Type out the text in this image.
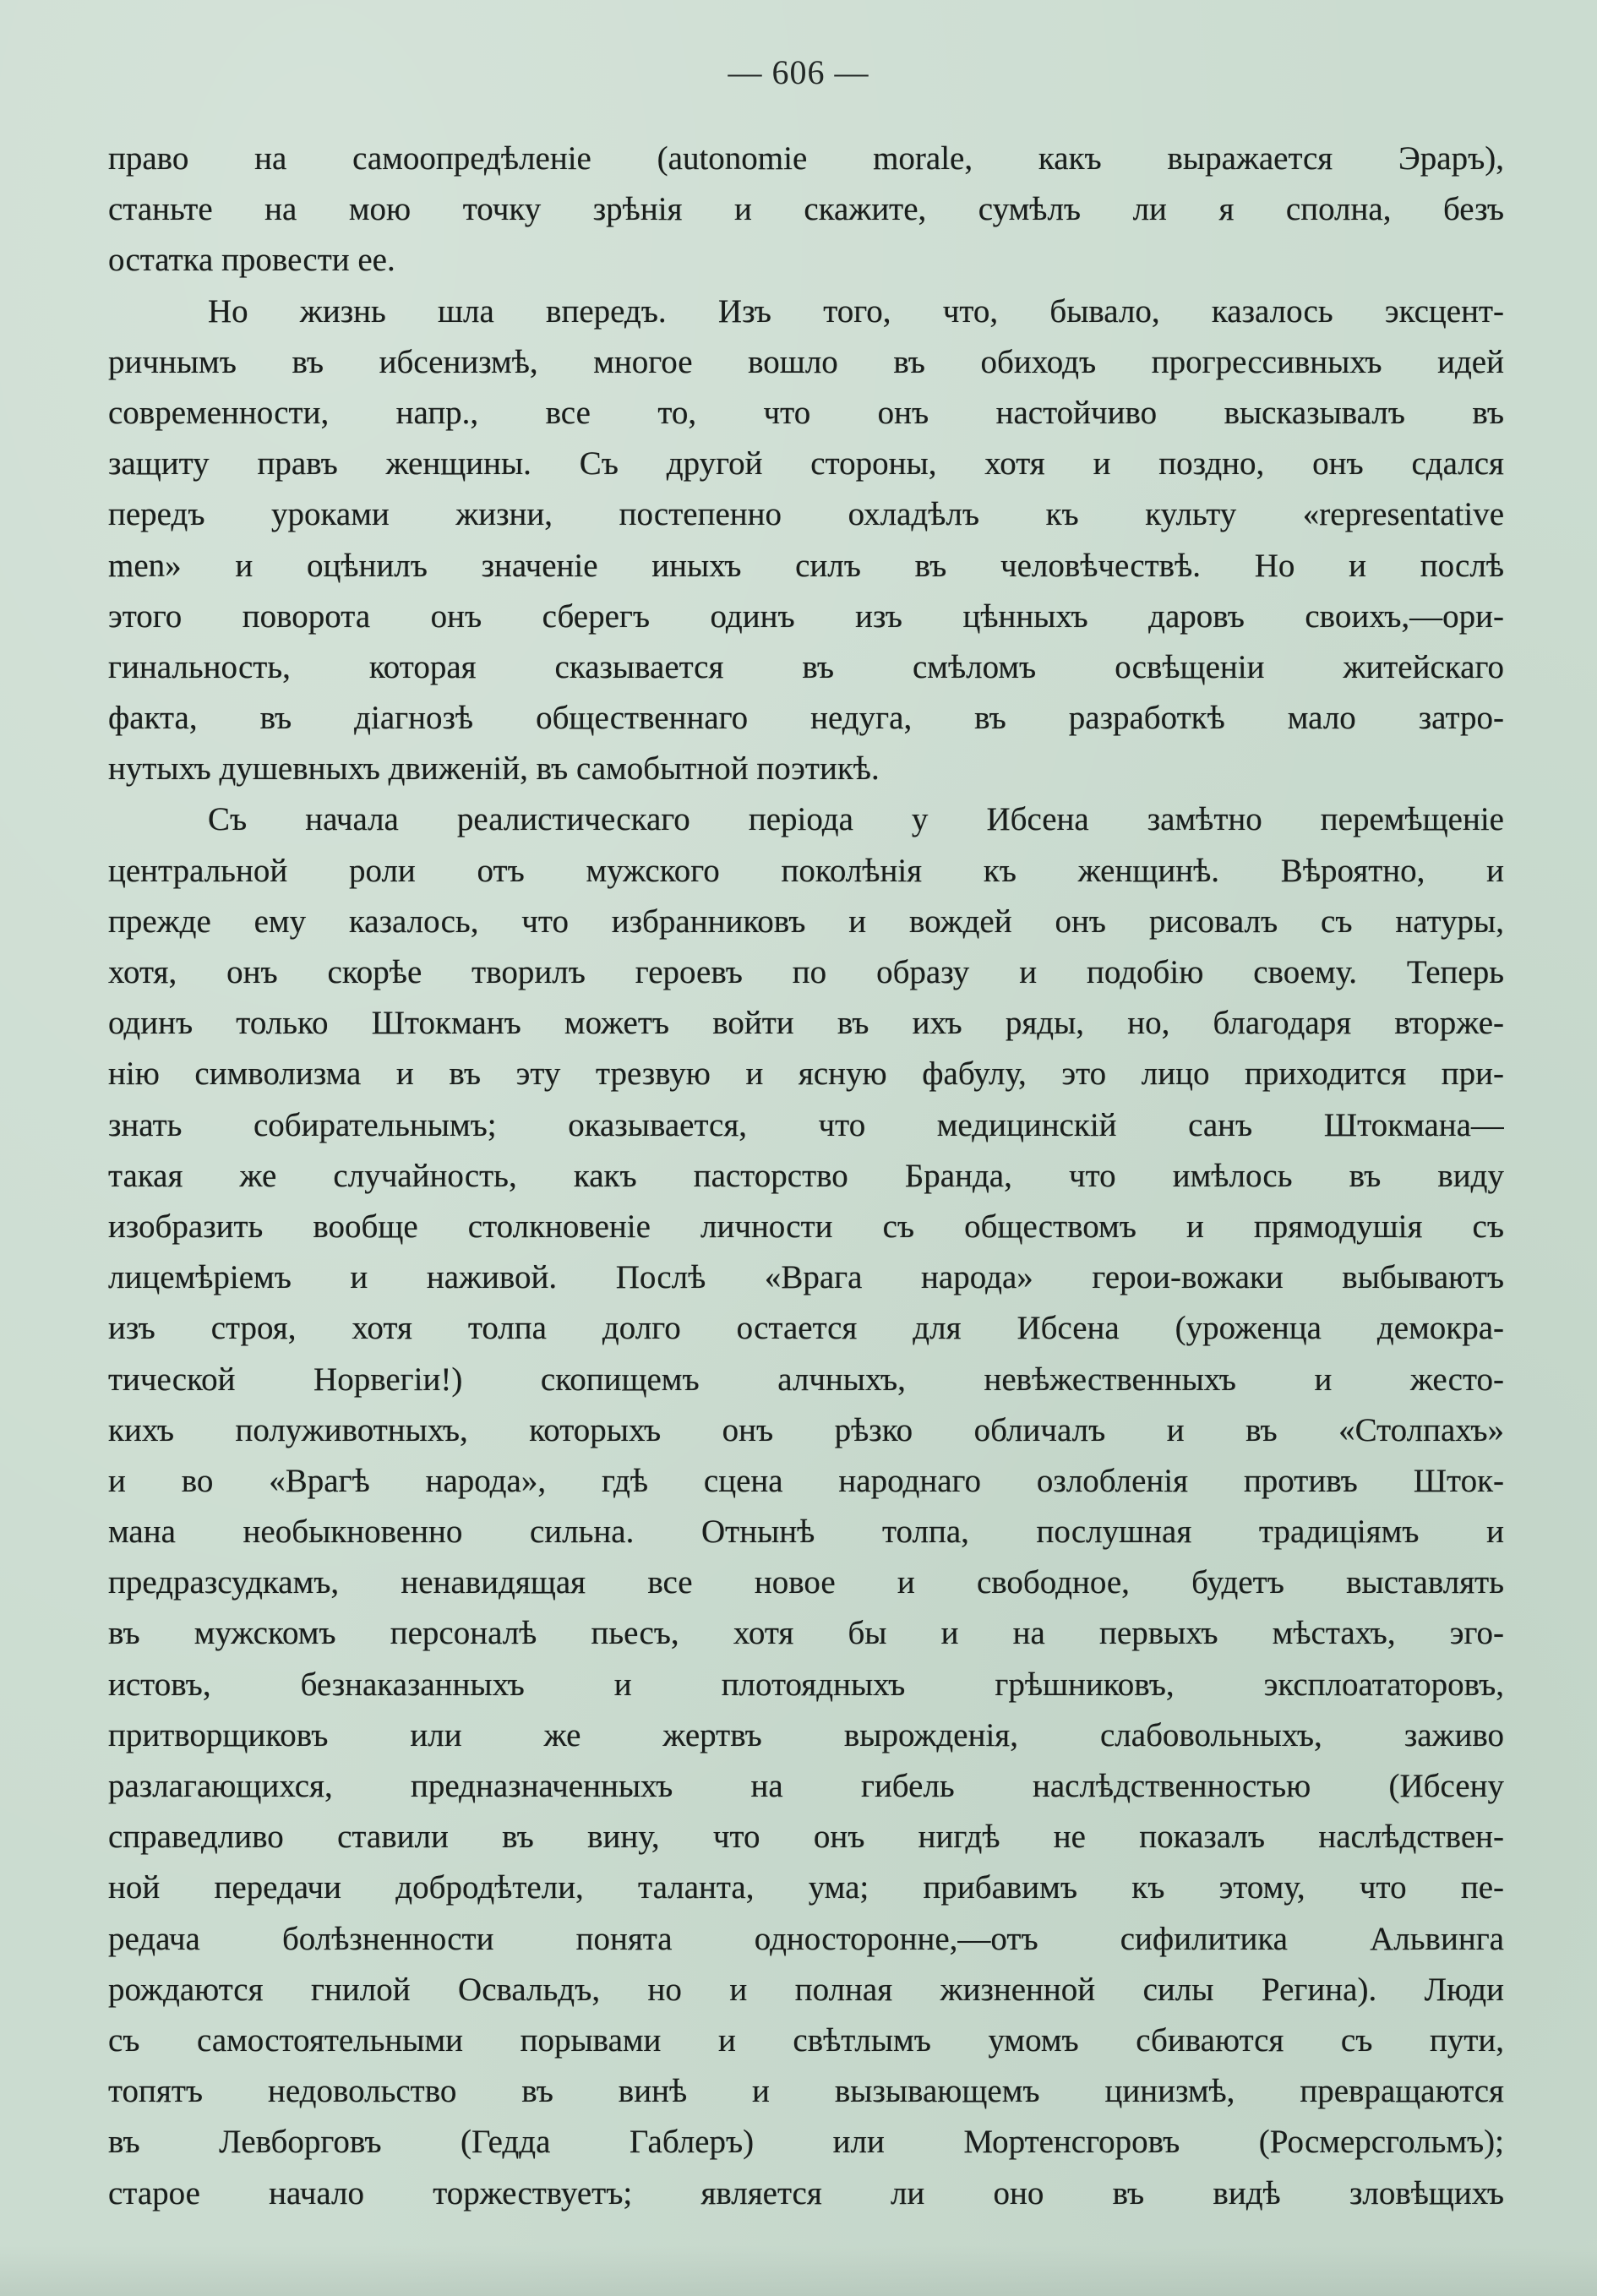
— 606 —
право на самоопредѣленіе (autonomie morale, какъ выражается Эраръ),
станьте на мою точку зрѣнія и скажите, сумѣлъ ли я сполна, безъ
остатка провести ее.
Но жизнь шла впередъ. Изъ того, что, бывало, казалось эксцент-
ричнымъ въ ибсенизмѣ, многое вошло въ обиходъ прогрессивныхъ идей
современности, напр., все то, что онъ настойчиво высказывалъ въ
защиту правъ женщины. Съ другой стороны, хотя и поздно, онъ сдался
передъ уроками жизни, постепенно охладѣлъ къ культу «representative
men» и оцѣнилъ значеніе иныхъ силъ въ человѣчествѣ. Но и послѣ
этого поворота онъ сберегъ одинъ изъ цѣнныхъ даровъ своихъ,—ори-
гинальность, которая сказывается въ смѣломъ освѣщеніи житейскаго
факта, въ діагнозѣ общественнаго недуга, въ разработкѣ мало затро-
нутыхъ душевныхъ движеній, въ самобытной поэтикѣ.
Съ начала реалистическаго періода у Ибсена замѣтно перемѣщеніе
центральной роли отъ мужского поколѣнія къ женщинѣ. Вѣроятно, и
прежде ему казалось, что избранниковъ и вождей онъ рисовалъ съ натуры,
хотя, онъ скорѣе творилъ героевъ по образу и подобію своему. Теперь
одинъ только Штокманъ можетъ войти въ ихъ ряды, но, благодаря вторже-
нію символизма и въ эту трезвую и ясную фабулу, это лицо приходится при-
знать собирательнымъ; оказывается, что медицинскій санъ Штокмана—
такая же случайность, какъ пасторство Бранда, что имѣлось въ виду
изобразить вообще столкновеніе личности съ обществомъ и прямодушія съ
лицемѣріемъ и наживой. Послѣ «Врага народа» герои-вожаки выбываютъ
изъ строя, хотя толпа долго остается для Ибсена (уроженца демокра-
тической Норвегіи!) скопищемъ алчныхъ, невѣжественныхъ и жесто-
кихъ полуживотныхъ, которыхъ онъ рѣзко обличалъ и въ «Столпахъ»
и во «Врагѣ народа», гдѣ сцена народнаго озлобленія противъ Шток-
мана необыкновенно сильна. Отнынѣ толпа, послушная традиціямъ и
предразсудкамъ, ненавидящая все новое и свободное, будетъ выставлять
въ мужскомъ персоналѣ пьесъ, хотя бы и на первыхъ мѣстахъ, эго-
истовъ, безнаказанныхъ и плотоядныхъ грѣшниковъ, эксплоататоровъ,
притворщиковъ или же жертвъ вырожденія, слабовольныхъ, заживо
разлагающихся, предназначенныхъ на гибель наслѣдственностью (Ибсену
справедливо ставили въ вину, что онъ нигдѣ не показалъ наслѣдствен-
ной передачи добродѣтели, таланта, ума; прибавимъ къ этому, что пе-
редача болѣзненности понята односторонне,—отъ сифилитика Альвинга
рождаются гнилой Освальдъ, но и полная жизненной силы Регина). Люди
съ самостоятельными порывами и свѣтлымъ умомъ сбиваются съ пути,
топятъ недовольство въ винѣ и вызывающемъ цинизмѣ, превращаются
въ Левборговъ (Гедда Габлеръ) или Мортенсгоровъ (Росмерсгольмъ);
старое начало торжествуетъ; является ли оно въ видѣ зловѣщихъ
